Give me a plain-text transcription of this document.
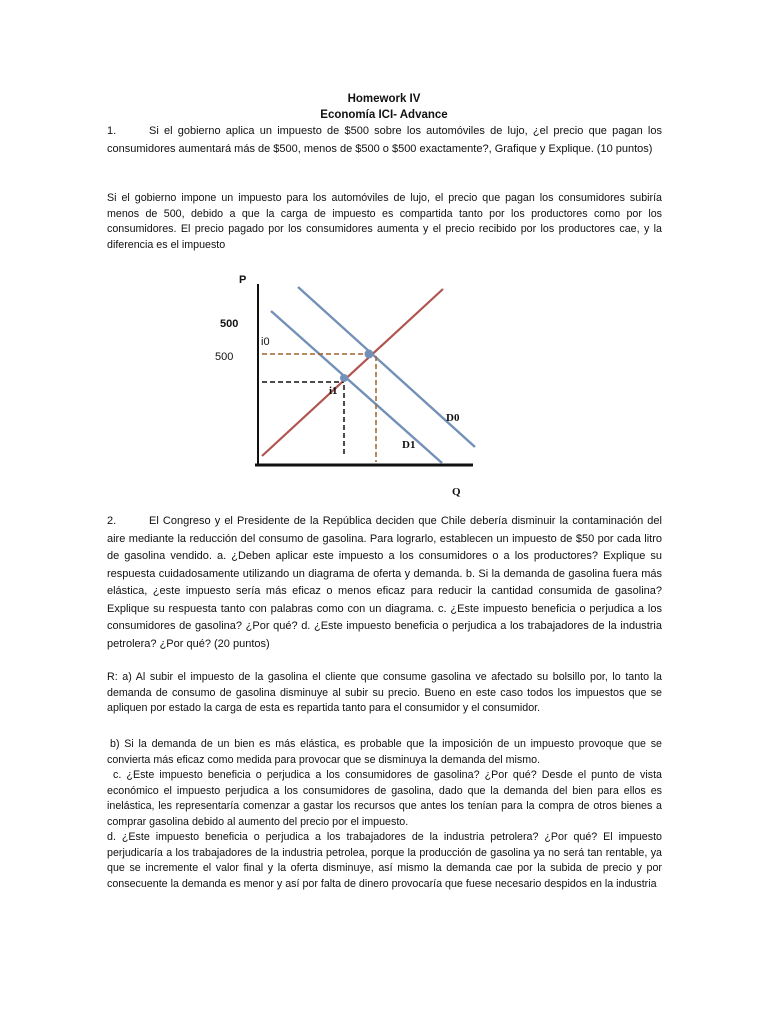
Homework IV
Economía ICI- Advance
1.	Si el gobierno aplica un impuesto de $500 sobre los automóviles de lujo, ¿el precio que pagan los consumidores aumentará más de $500, menos de $500 o $500 exactamente?, Grafique y Explique. (10 puntos)
Si el gobierno impone un impuesto para los automóviles de lujo, el precio que pagan los consumidores subiría menos de 500, debido a que la carga de impuesto es compartida tanto por los productores como por los consumidores. El precio pagado por los consumidores aumenta y el precio recibido por los productores cae, y la diferencia es el impuesto
P
Q
500
500
i0
i1
D0
D1
2.	El Congreso y el Presidente de la República deciden que Chile debería disminuir la contaminación del aire mediante la reducción del consumo de gasolina. Para lograrlo, establecen un impuesto de $50 por cada litro de gasolina vendido. a. ¿Deben aplicar este impuesto a los consumidores o a los productores? Explique su respuesta cuidadosamente utilizando un diagrama de oferta y demanda. b. Si la demanda de gasolina fuera más elástica, ¿este impuesto sería más eficaz o menos eficaz para reducir la cantidad consumida de gasolina? Explique su respuesta tanto con palabras como con un diagrama. c. ¿Este impuesto beneficia o perjudica a los consumidores de gasolina? ¿Por qué? d. ¿Este impuesto beneficia o perjudica a los trabajadores de la industria petrolera? ¿Por qué? (20 puntos)
R: a) Al subir el impuesto de la gasolina el cliente que consume gasolina ve afectado su bolsillo por, lo tanto la demanda de consumo de gasolina disminuye al subir su precio. Bueno en este caso todos los impuestos que se apliquen por estado la carga de esta es repartida tanto para el consumidor y el consumidor.
b) Si la demanda de un bien es más elástica, es probable que la imposición de un impuesto provoque que se convierta más eficaz como medida para provocar que se disminuya la demanda del mismo.
c. ¿Este impuesto beneficia o perjudica a los consumidores de gasolina? ¿Por qué? Desde el punto de vista económico el impuesto perjudica a los consumidores de gasolina, dado que la demanda del bien para ellos es inelástica, les representaría comenzar a gastar los recursos que antes los tenían para la compra de otros bienes a comprar gasolina debido al aumento del precio por el impuesto.
d. ¿Este impuesto beneficia o perjudica a los trabajadores de la industria petrolera? ¿Por qué? El impuesto perjudicaría a los trabajadores de la industria petrolea, porque la producción de gasolina ya no será tan rentable, ya que se incremente el valor final y la oferta disminuye, así mismo la demanda cae por la subida de precio y por consecuente la demanda es menor y así por falta de dinero provocaría que fuese necesario despidos en la industria
